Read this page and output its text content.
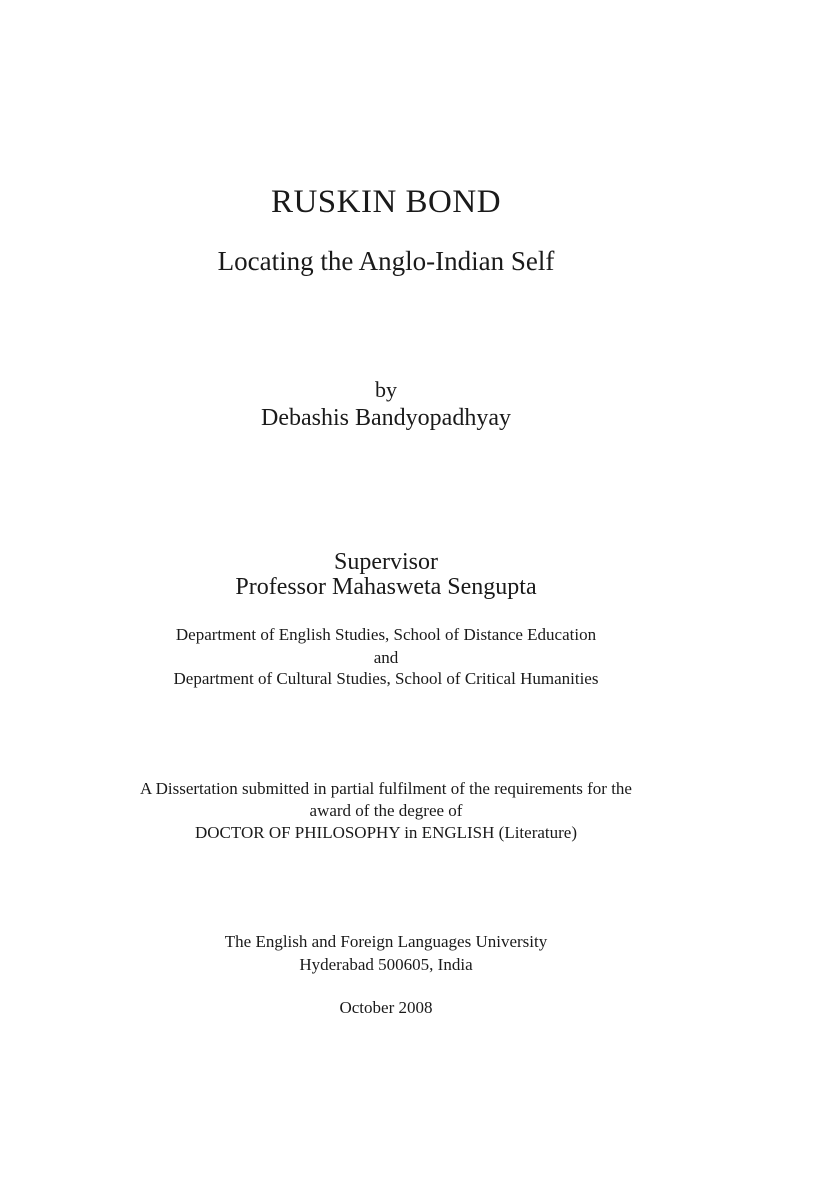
RUSKIN BOND
Locating the Anglo-Indian Self
by
Debashis Bandyopadhyay
Supervisor
Professor Mahasweta Sengupta
Department of English Studies, School of Distance Education
and
Department of Cultural Studies, School of Critical Humanities
A Dissertation submitted in partial fulfilment of the requirements for the
award of the degree of
DOCTOR OF PHILOSOPHY in ENGLISH (Literature)
The English and Foreign Languages University
Hyderabad 500605, India
October 2008
